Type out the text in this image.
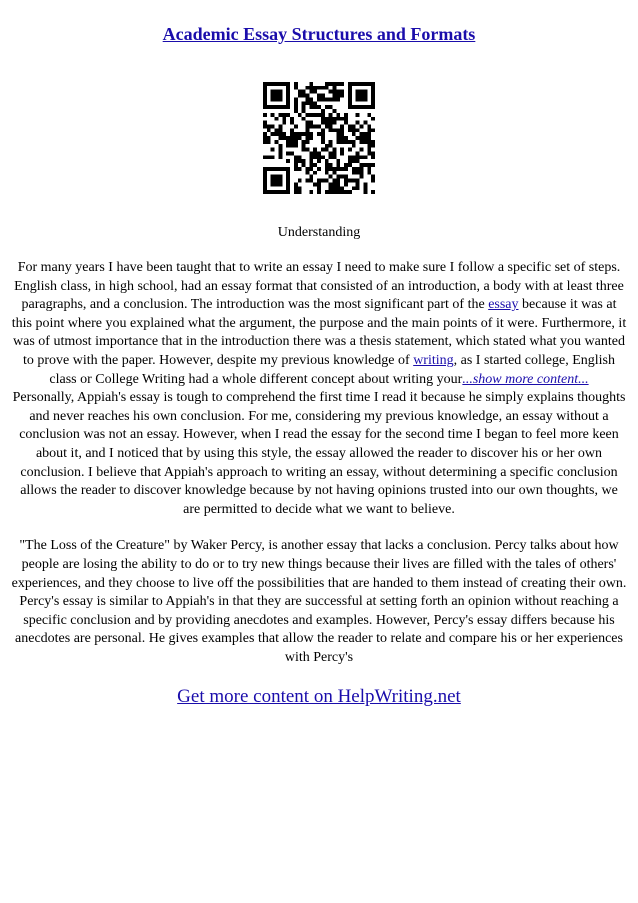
Academic Essay Structures and Formats

Understanding

For many years I have been taught that to write an essay I need to make sure I follow a specific set of steps. English class, in high school, had an essay format that consisted of an introduction, a body with at least three paragraphs, and a conclusion. The introduction was the most significant part of the essay because it was at this point where you explained what the argument, the purpose and the main points of it were. Furthermore, it was of utmost importance that in the introduction there was a thesis statement, which stated what you wanted to prove with the paper. However, despite my previous knowledge of writing, as I started college, English class or College Writing had a whole different concept about writing your...show more content...

Personally, Appiah's essay is tough to comprehend the first time I read it because he simply explains thoughts and never reaches his own conclusion. For me, considering my previous knowledge, an essay without a conclusion was not an essay. However, when I read the essay for the second time I began to feel more keen about it, and I noticed that by using this style, the essay allowed the reader to discover his or her own conclusion. I believe that Appiah's approach to writing an essay, without determining a specific conclusion allows the reader to discover knowledge because by not having opinions trusted into our own thoughts, we are permitted to decide what we want to believe.

"The Loss of the Creature" by Waker Percy, is another essay that lacks a conclusion. Percy talks about how people are losing the ability to do or to try new things because their lives are filled with the tales of others' experiences, and they choose to live off the possibilities that are handed to them instead of creating their own. Percy's essay is similar to Appiah's in that they are successful at setting forth an opinion without reaching a specific conclusion and by providing anecdotes and examples. However, Percy's essay differs because his anecdotes are personal. He gives examples that allow the reader to relate and compare his or her experiences with Percy's

Get more content on HelpWriting.net
